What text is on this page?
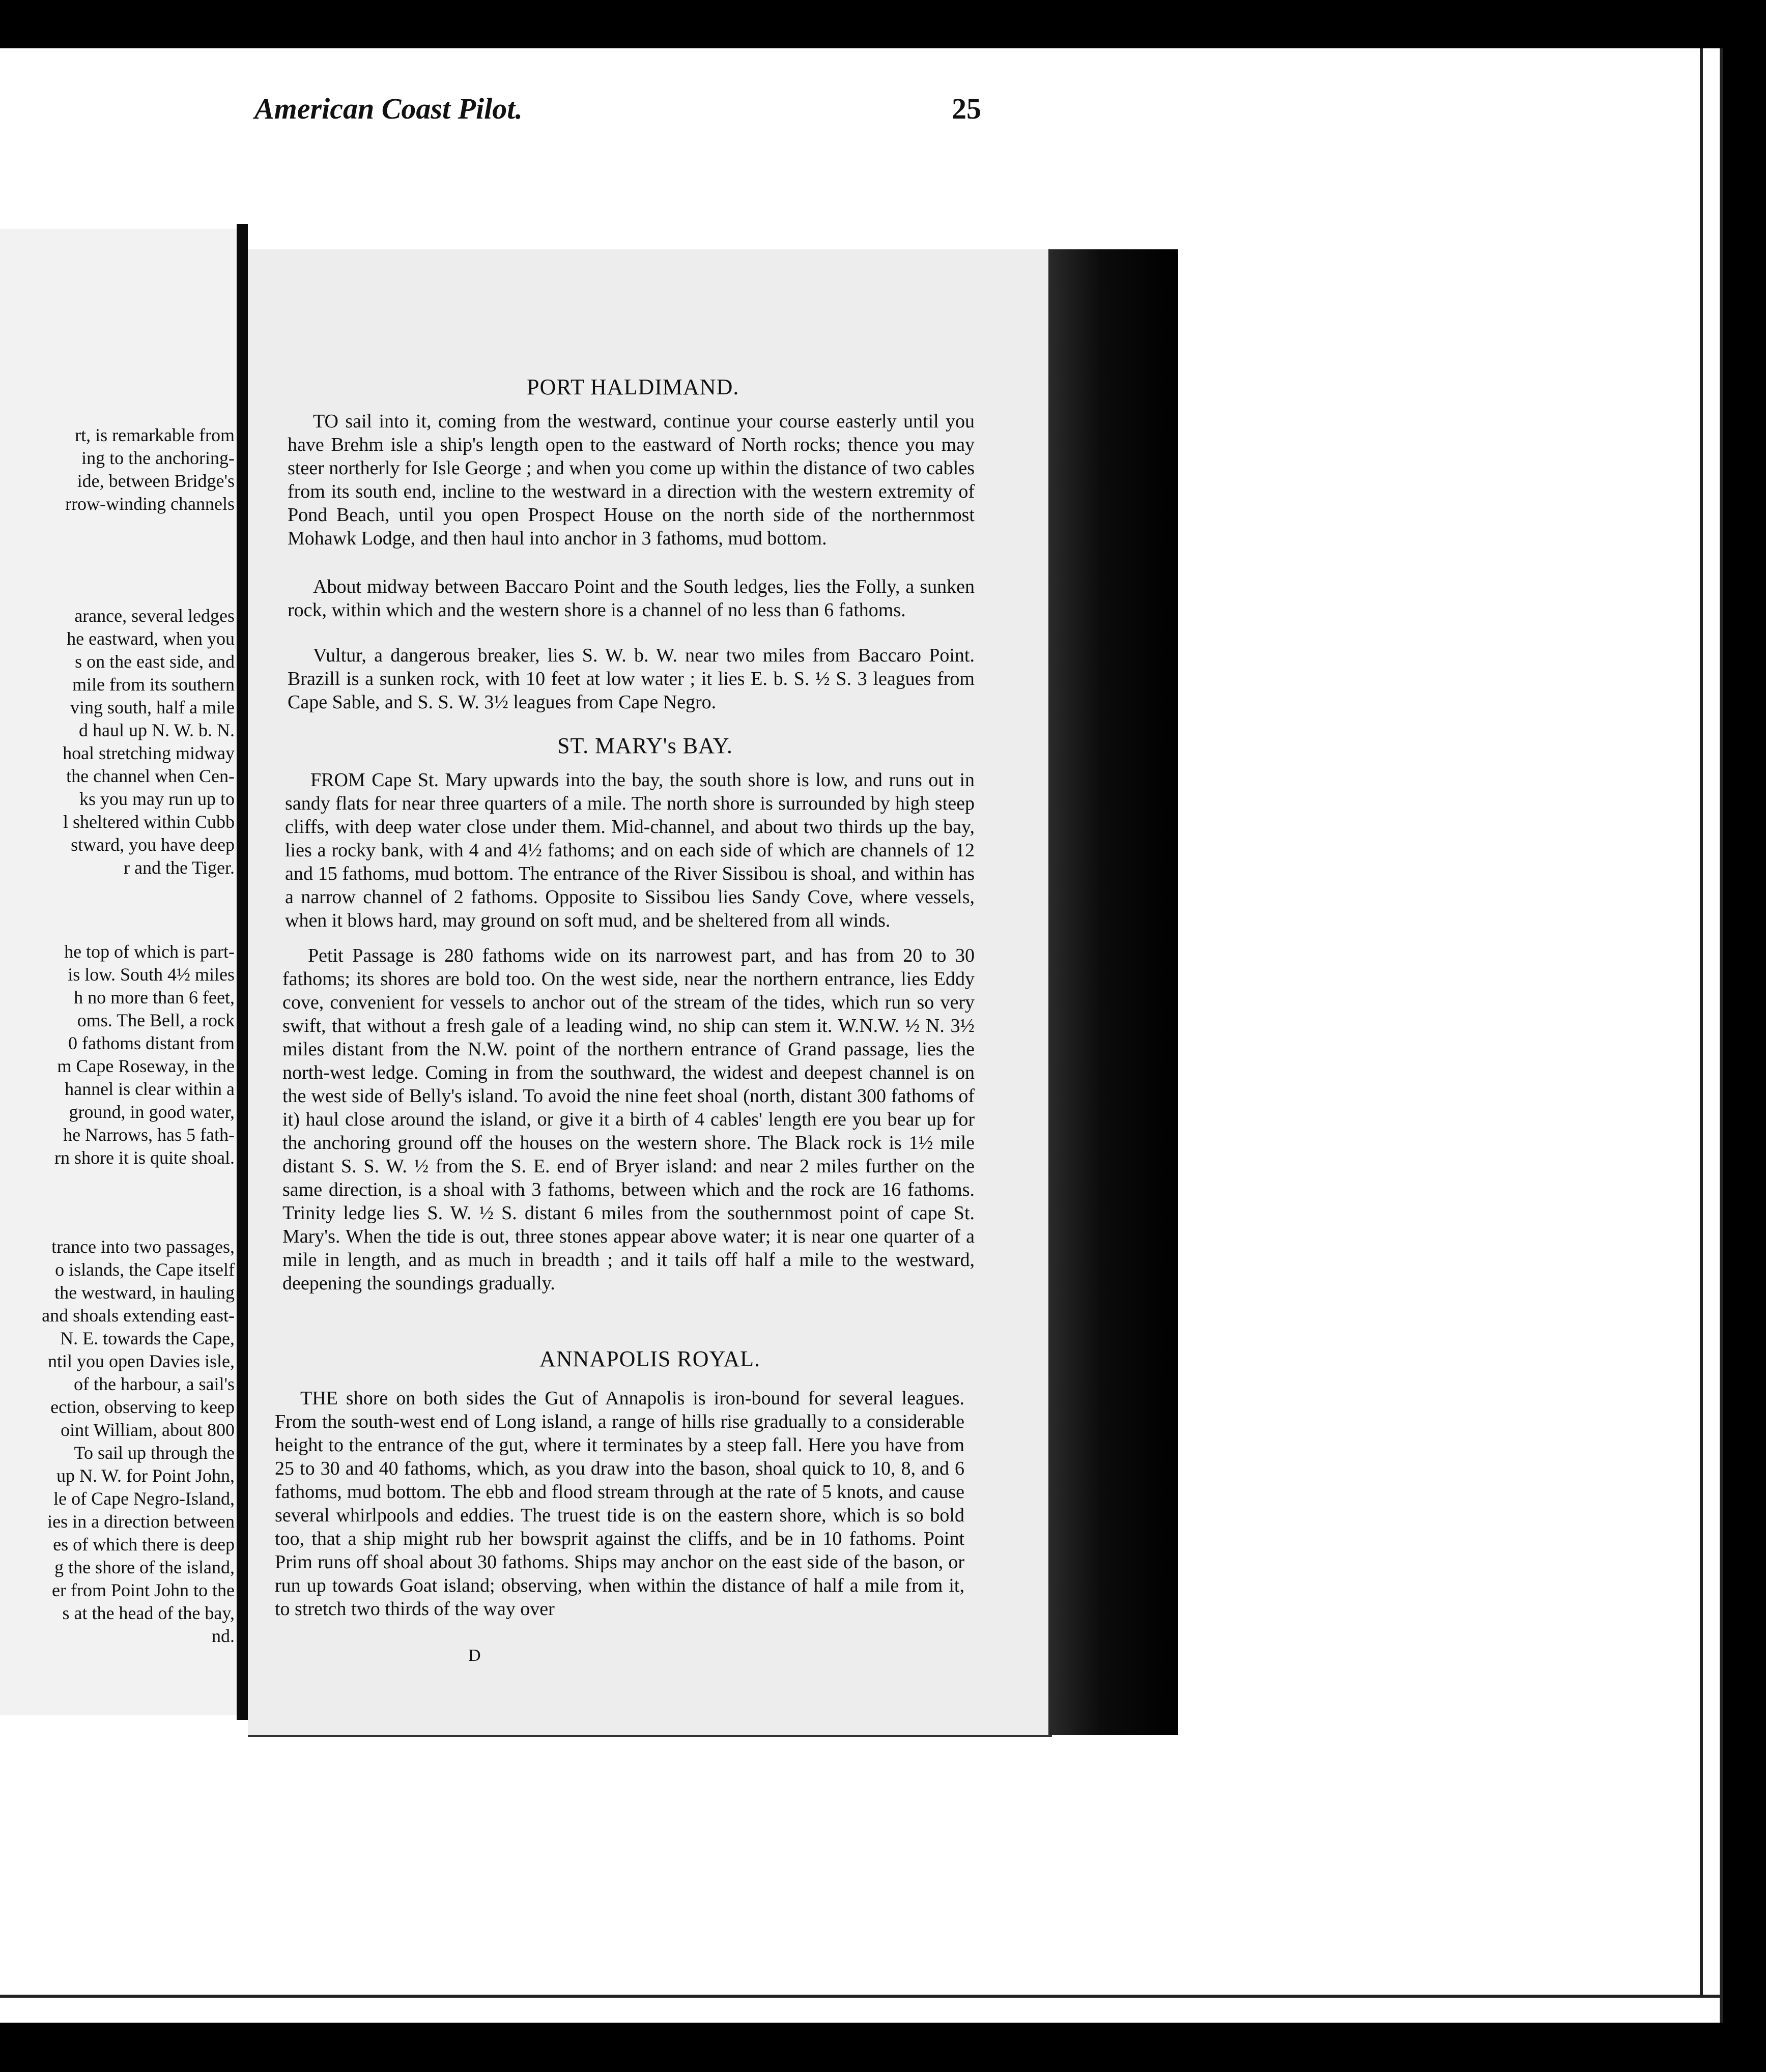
rt, is remarkable from
ing to the anchoring-
ide, between Bridge's
rrow-winding channels
arance, several ledges
he eastward, when you
s on the east side, and
mile from its southern
ving south, half a mile
d haul up N. W. b. N.
hoal stretching midway
the channel when Cen-
ks you may run up to
l sheltered within Cubb
stward, you have deep
r and the Tiger.
he top of which is part-
is low. South 4½ miles
h no more than 6 feet,
oms. The Bell, a rock
0 fathoms distant from
m Cape Roseway, in the
hannel is clear within a
ground, in good water,
he Narrows, has 5 fath-
rn shore it is quite shoal.
trance into two passages,
o islands, the Cape itself
the westward, in hauling
and shoals extending east-
N. E. towards the Cape,
ntil you open Davies isle,
of the harbour, a sail's
ection, observing to keep
oint William, about 800
To sail up through the
up N. W. for Point John,
le of Cape Negro-Island,
ies in a direction between
es of which there is deep
g the shore of the island,
er from Point John to the
s at the head of the bay,
nd.
American Coast Pilot.	25
PORT HALDIMAND.
TO sail into it, coming from the westward, continue your course easterly until you have Brehm isle a ship's length open to the eastward of North rocks; thence you may steer northerly for Isle George ; and when you come up within the distance of two cables from its south end, incline to the westward in a direction with the western extremity of Pond Beach, until you open Prospect House on the north side of the northernmost Mohawk Lodge, and then haul into anchor in 3 fathoms, mud bottom.
About midway between Baccaro Point and the South ledges, lies the Folly, a sunken rock, within which and the western shore is a channel of no less than 6 fathoms.
Vultur, a dangerous breaker, lies S. W. b. W. near two miles from Baccaro Point. Brazill is a sunken rock, with 10 feet at low water ; it lies E. b. S. ½ S. 3 leagues from Cape Sable, and S. S. W. 3½ leagues from Cape Negro.
ST. MARY's BAY.
FROM Cape St. Mary upwards into the bay, the south shore is low, and runs out in sandy flats for near three quarters of a mile. The north shore is surrounded by high steep cliffs, with deep water close under them. Mid-channel, and about two thirds up the bay, lies a rocky bank, with 4 and 4½ fathoms; and on each side of which are channels of 12 and 15 fathoms, mud bottom. The entrance of the River Sissibou is shoal, and within has a narrow channel of 2 fathoms. Opposite to Sissibou lies Sandy Cove, where vessels, when it blows hard, may ground on soft mud, and be sheltered from all winds.
Petit Passage is 280 fathoms wide on its narrowest part, and has from 20 to 30 fathoms; its shores are bold too. On the west side, near the northern entrance, lies Eddy cove, convenient for vessels to anchor out of the stream of the tides, which run so very swift, that without a fresh gale of a leading wind, no ship can stem it. W.N.W. ½ N. 3½ miles distant from the N.W. point of the northern entrance of Grand passage, lies the north-west ledge. Coming in from the southward, the widest and deepest channel is on the west side of Belly's island. To avoid the nine feet shoal (north, distant 300 fathoms of it) haul close around the island, or give it a birth of 4 cables' length ere you bear up for the anchoring ground off the houses on the western shore. The Black rock is 1½ mile distant S. S. W. ½ from the S. E. end of Bryer island: and near 2 miles further on the same direction, is a shoal with 3 fathoms, between which and the rock are 16 fathoms. Trinity ledge lies S. W. ½ S. distant 6 miles from the southernmost point of cape St. Mary's. When the tide is out, three stones appear above water; it is near one quarter of a mile in length, and as much in breadth ; and it tails off half a mile to the westward, deepening the soundings gradually.
ANNAPOLIS ROYAL.
THE shore on both sides the Gut of Annapolis is iron-bound for several leagues. From the south-west end of Long island, a range of hills rise gradually to a considerable height to the entrance of the gut, where it terminates by a steep fall. Here you have from 25 to 30 and 40 fathoms, which, as you draw into the bason, shoal quick to 10, 8, and 6 fathoms, mud bottom. The ebb and flood stream through at the rate of 5 knots, and cause several whirlpools and eddies. The truest tide is on the eastern shore, which is so bold too, that a ship might rub her bowsprit against the cliffs, and be in 10 fathoms. Point Prim runs off shoal about 30 fathoms. Ships may anchor on the east side of the bason, or run up towards Goat island; observing, when within the distance of half a mile from it, to stretch two thirds of the way over
D
